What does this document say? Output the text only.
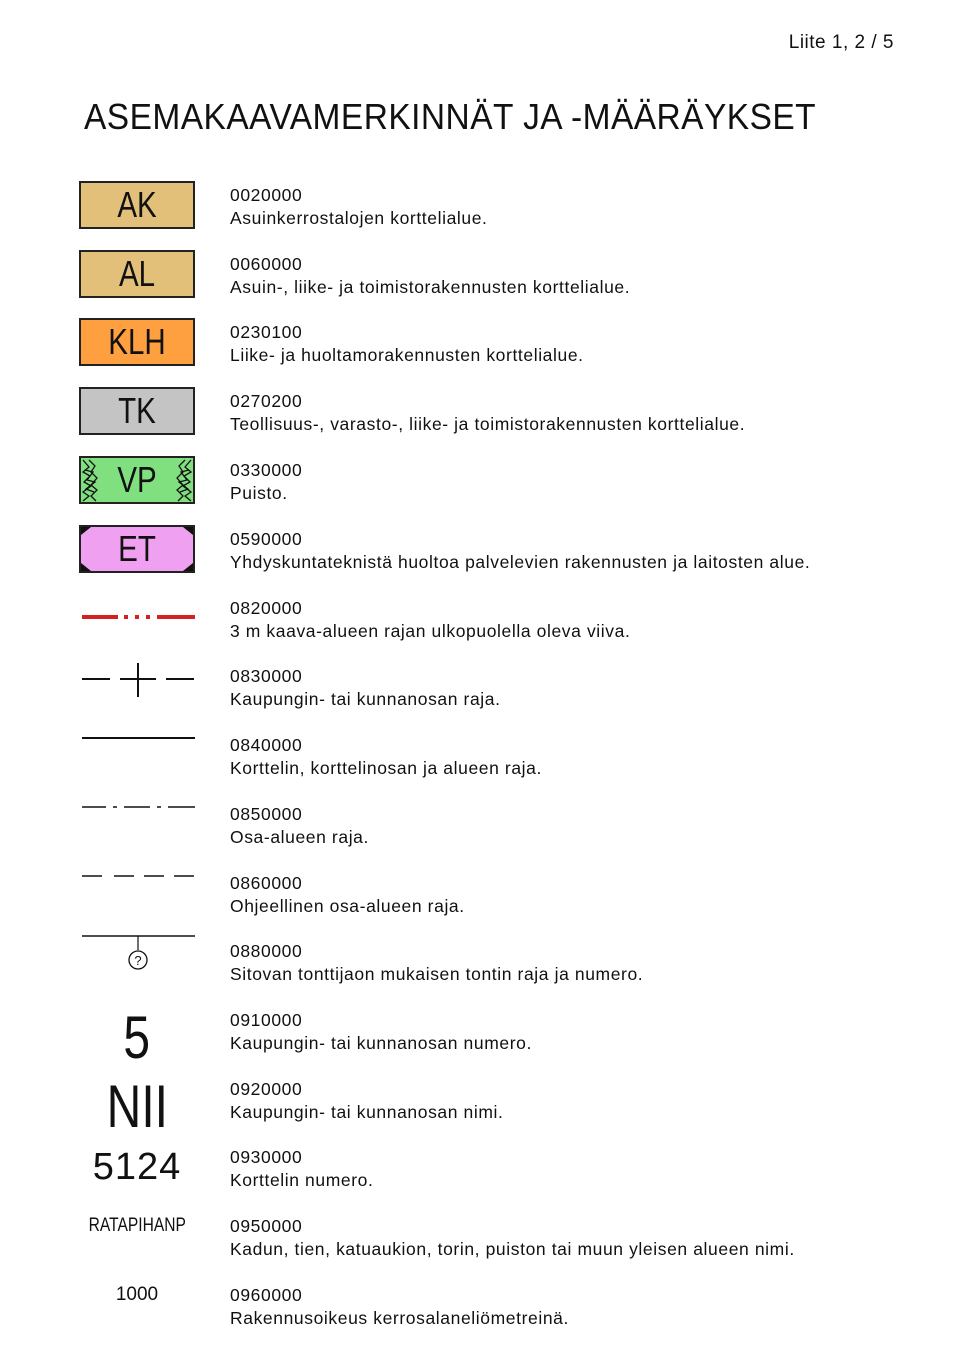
Liite 1, 2 / 5
ASEMAKAAVAMERKINNÄT JA -MÄÄRÄYKSET
AK	0020000
Asuinkerrostalojen korttelialue.
AL	0060000
Asuin-, liike- ja toimistorakennusten korttelialue.
KLH	0230100
Liike- ja huoltamorakennusten korttelialue.
TK	0270200
Teollisuus-, varasto-, liike- ja toimistorakennusten korttelialue.
VP	0330000
Puisto.
ET	0590000
Yhdyskuntateknistä huoltoa palvelevien rakennusten ja laitosten alue.
0820000
3 m kaava-alueen rajan ulkopuolella oleva viiva.
0830000
Kaupungin- tai kunnanosan raja.
0840000
Korttelin, korttelinosan ja alueen raja.
0850000
Osa-alueen raja.
0860000
Ohjeellinen osa-alueen raja.
?	0880000
Sitovan tonttijaon mukaisen tontin raja ja numero.
5	0910000
Kaupungin- tai kunnanosan numero.
NII	0920000
Kaupungin- tai kunnanosan nimi.
5124	0930000
Korttelin numero.
RATAPIHANP	0950000
Kadun, tien, katuaukion, torin, puiston tai muun yleisen alueen nimi.
1000	0960000
Rakennusoikeus kerrosalaneliömetreinä.
